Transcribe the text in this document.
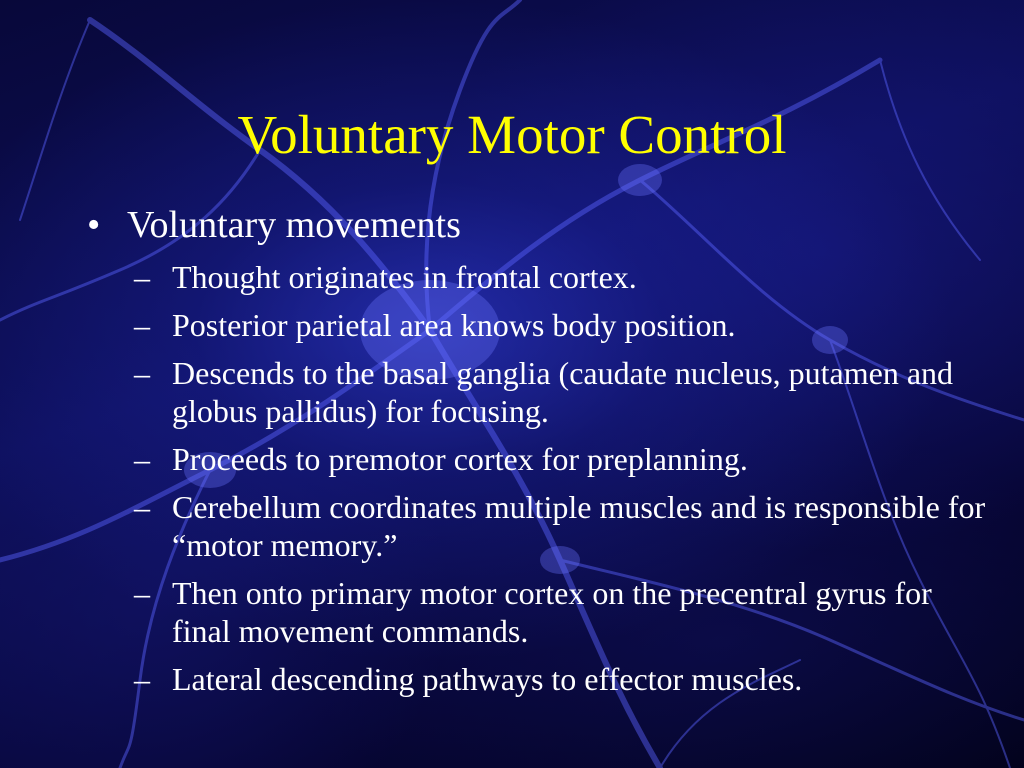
Voluntary Motor Control
• Voluntary movements
– Thought originates in frontal cortex.
– Posterior parietal area knows body position.
– Descends to the basal ganglia (caudate nucleus, putamen and globus pallidus) for focusing.
– Proceeds to premotor cortex for preplanning.
– Cerebellum coordinates multiple muscles and is responsible for “motor memory.”
– Then onto primary motor cortex on the precentral gyrus for final movement commands.
– Lateral descending pathways to effector muscles.
